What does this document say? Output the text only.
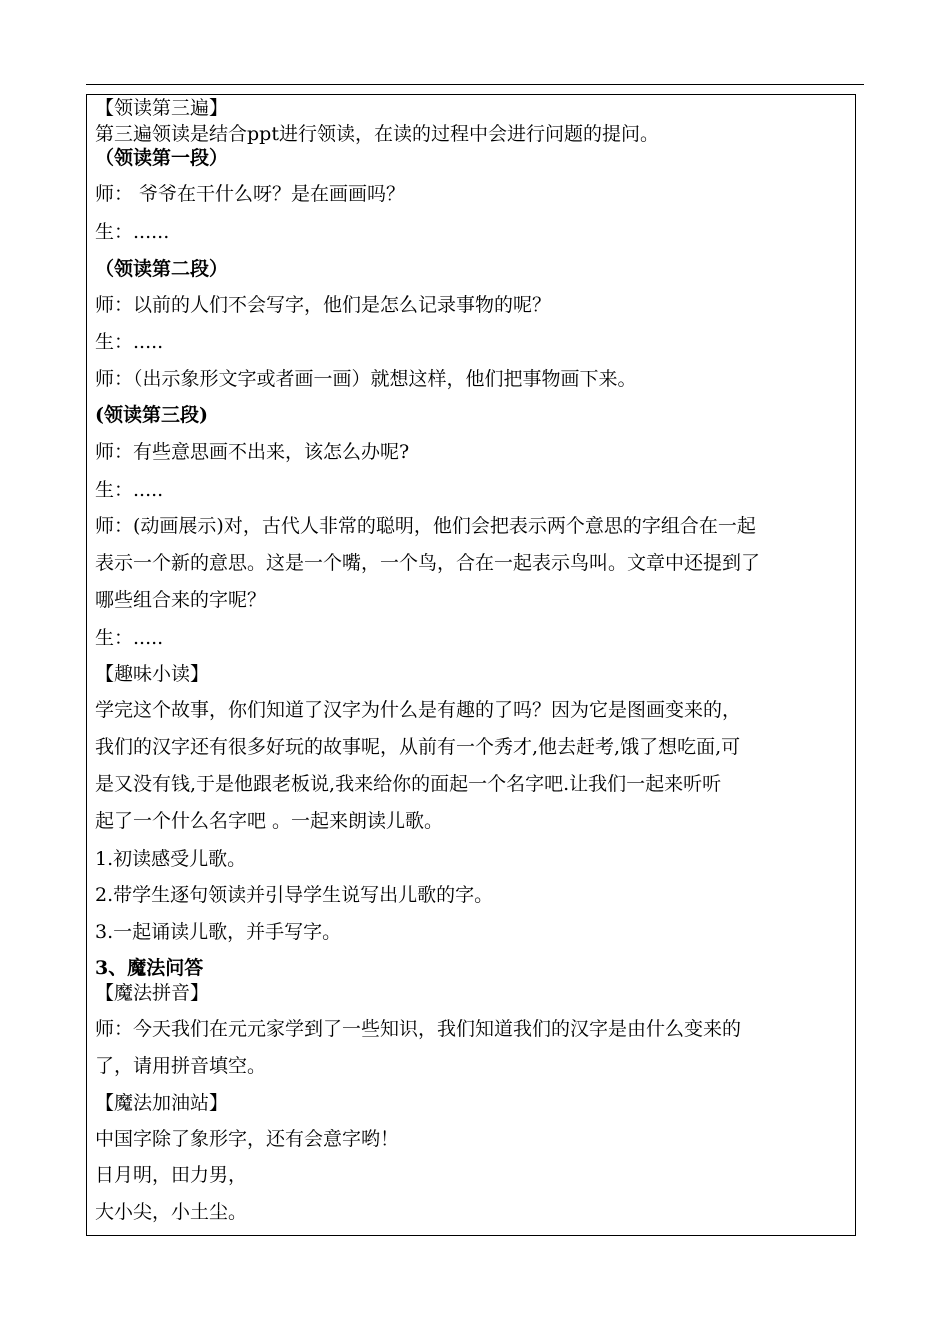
【领读第三遍】
第三遍领读是结合ppt进行领读，在读的过程中会进行问题的提问。
（领读第一段）
师： 爷爷在干什么呀？是在画画吗？
生：......
（领读第二段）
师：以前的人们不会写字，他们是怎么记录事物的呢？
生：.....
师：（出示象形文字或者画一画）就想这样，他们把事物画下来。
(领读第三段)
师：有些意思画不出来，该怎么办呢?
生：.....
师：(动画展示)对，古代人非常的聪明，他们会把表示两个意思的字组合在一起
表示一个新的意思。这是一个嘴，一个鸟，合在一起表示鸟叫。文章中还提到了
哪些组合来的字呢？
生：.....
【趣味小读】
学完这个故事，你们知道了汉字为什么是有趣的了吗？因为它是图画变来的，
我们的汉字还有很多好玩的故事呢，从前有一个秀才,他去赶考,饿了想吃面,可
是又没有钱,于是他跟老板说,我来给你的面起一个名字吧.让我们一起来听听
起了一个什么名字吧 。一起来朗读儿歌。
1.初读感受儿歌。
2.带学生逐句领读并引导学生说写出儿歌的字。
3.一起诵读儿歌，并手写字。
3、魔法问答
【魔法拼音】
师：今天我们在元元家学到了一些知识，我们知道我们的汉字是由什么变来的
了，请用拼音填空。
【魔法加油站】
中国字除了象形字，还有会意字哟！
日月明，田力男，
大小尖，小土尘。
